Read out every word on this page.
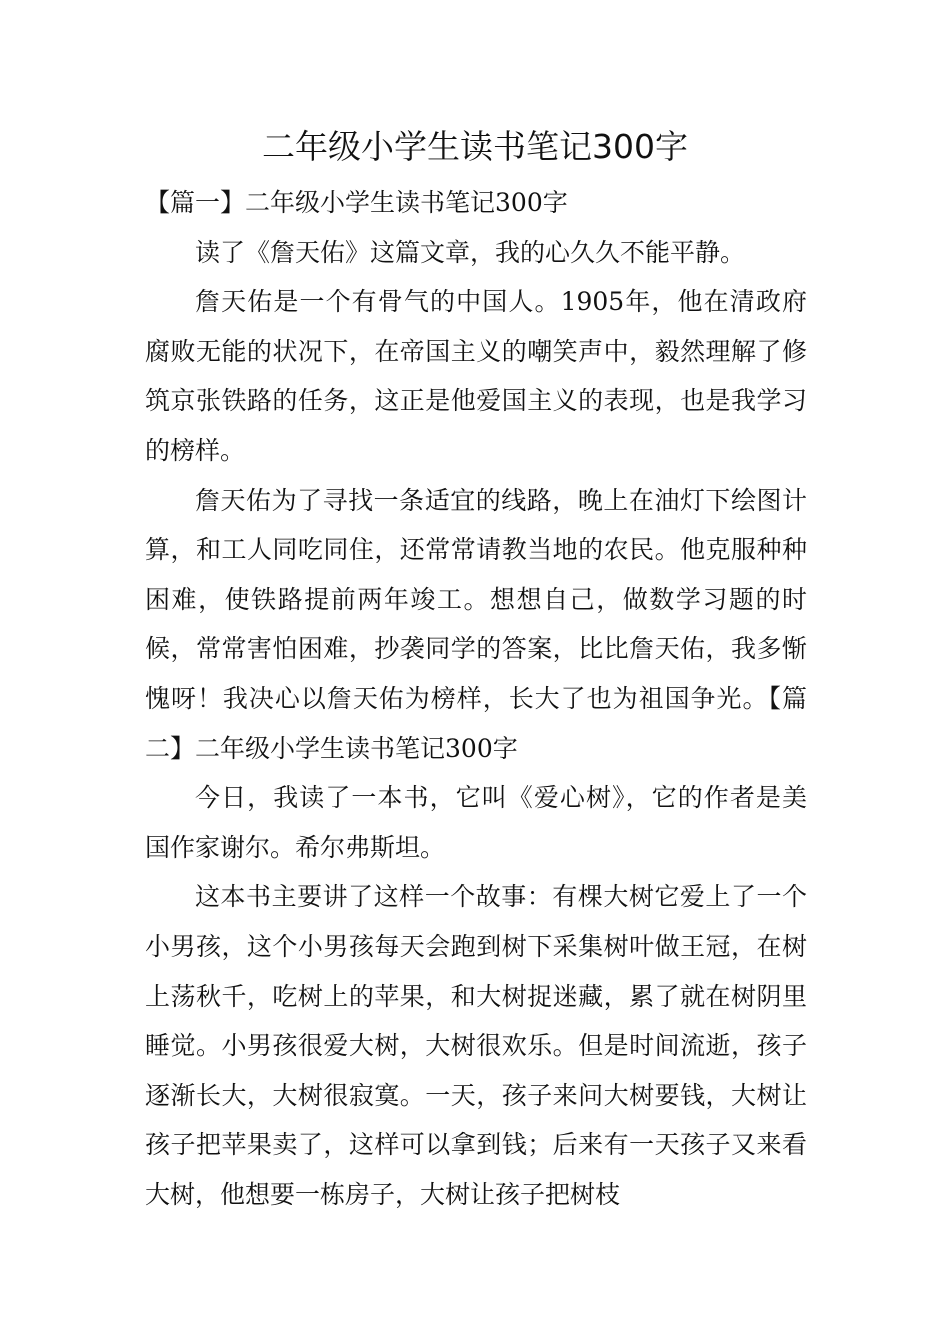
二年级小学生读书笔记300字

【篇一】二年级小学生读书笔记300字

读了《詹天佑》这篇文章，我的心久久不能平静。

詹天佑是一个有骨气的中国人。1905年，他在清政府腐败无能的状况下，在帝国主义的嘲笑声中，毅然理解了修筑京张铁路的任务，这正是他爱国主义的表现，也是我学习的榜样。

詹天佑为了寻找一条适宜的线路，晚上在油灯下绘图计算，和工人同吃同住，还常常请教当地的农民。他克服种种困难，使铁路提前两年竣工。想想自己，做数学习题的时候，常常害怕困难，抄袭同学的答案，比比詹天佑，我多惭愧呀！我决心以詹天佑为榜样，长大了也为祖国争光。【篇二】二年级小学生读书笔记300字

今日，我读了一本书，它叫《爱心树》，它的作者是美国作家谢尔。希尔弗斯坦。

这本书主要讲了这样一个故事：有棵大树它爱上了一个小男孩，这个小男孩每天会跑到树下采集树叶做王冠，在树上荡秋千，吃树上的苹果，和大树捉迷藏，累了就在树阴里睡觉。小男孩很爱大树，大树很欢乐。但是时间流逝，孩子逐渐长大，大树很寂寞。一天，孩子来问大树要钱，大树让孩子把苹果卖了，这样可以拿到钱；后来有一天孩子又来看大树，他想要一栋房子，大树让孩子把树枝
